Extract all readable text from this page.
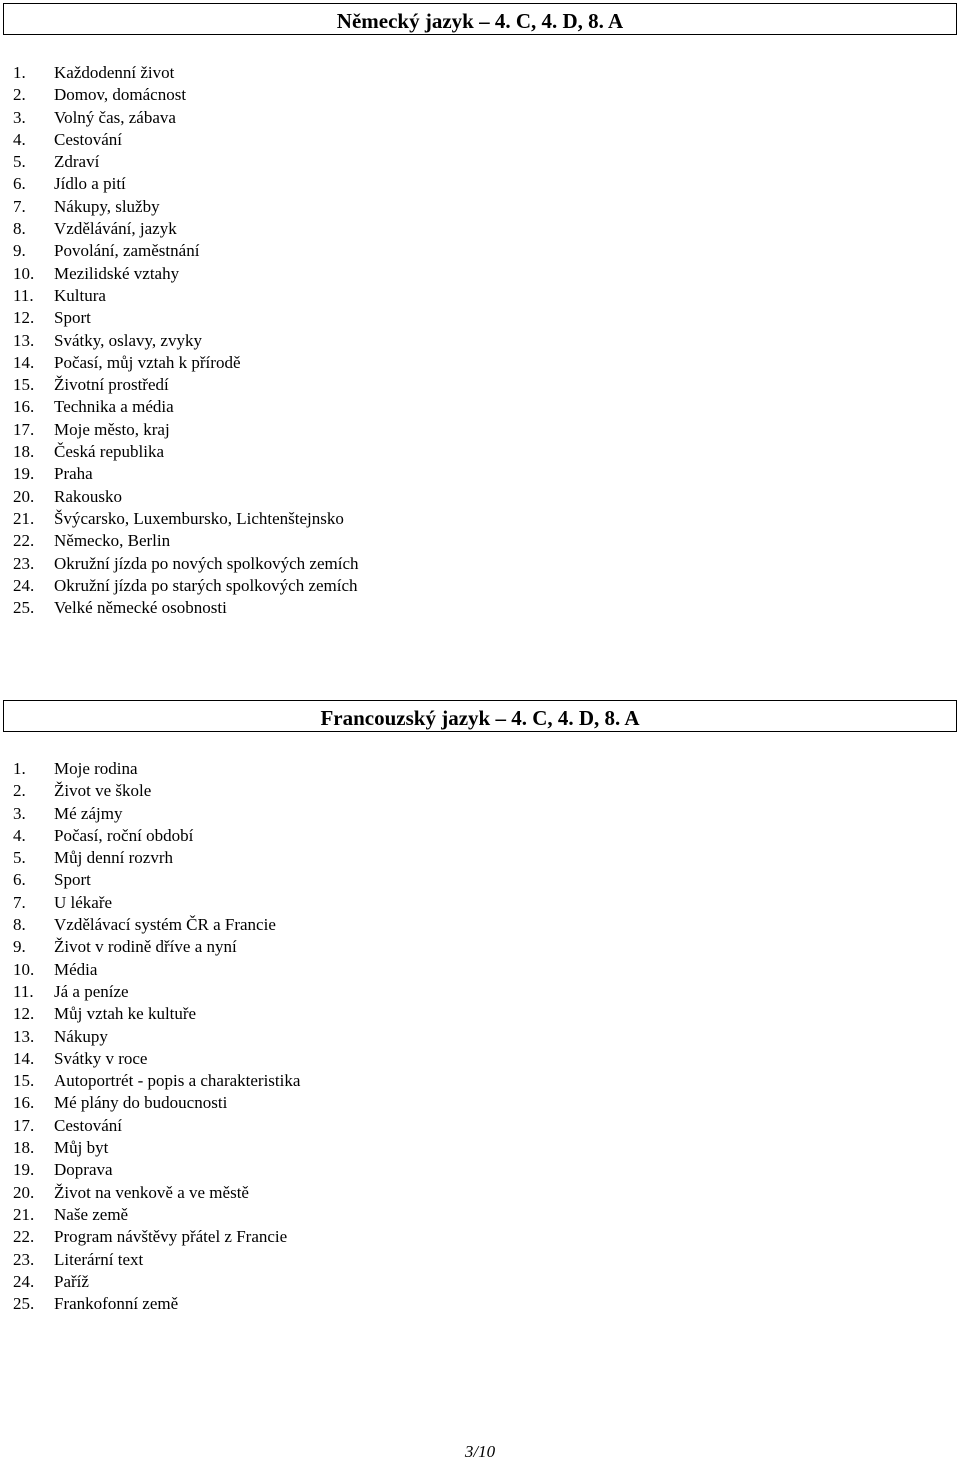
Německý jazyk – 4. C, 4. D, 8. A
1.	Každodenní život
2.	Domov, domácnost
3.	Volný čas, zábava
4.	Cestování
5.	Zdraví
6.	Jídlo a pití
7.	Nákupy, služby
8.	Vzdělávání, jazyk
9.	Povolání, zaměstnání
10.	Mezilidské vztahy
11.	Kultura
12.	Sport
13.	Svátky, oslavy, zvyky
14.	Počasí, můj vztah k přírodě
15.	Životní prostředí
16.	Technika a média
17.	Moje město, kraj
18.	Česká republika
19.	Praha
20.	Rakousko
21.	Švýcarsko, Luxembursko, Lichtenštejnsko
22.	Německo, Berlin
23.	Okružní jízda po nových spolkových zemích
24.	Okružní jízda po starých spolkových zemích
25.	Velké německé osobnosti
Francouzský jazyk – 4. C, 4. D, 8. A
1.	Moje rodina
2.	Život ve škole
3.	Mé zájmy
4.	Počasí, roční období
5.	Můj denní rozvrh
6.	Sport
7.	U lékaře
8.	Vzdělávací systém ČR a Francie
9.	Život v rodině dříve a nyní
10.	Média
11.	Já a peníze
12.	Můj vztah ke kultuře
13.	Nákupy
14.	Svátky v roce
15.	Autoportrét - popis a charakteristika
16.	Mé plány do budoucnosti
17.	Cestování
18.	Můj byt
19.	Doprava
20.	Život na venkově a ve městě
21.	Naše země
22.	Program návštěvy přátel z Francie
23.	Literární text
24.	Paříž
25.	Frankofonní země
3/10
